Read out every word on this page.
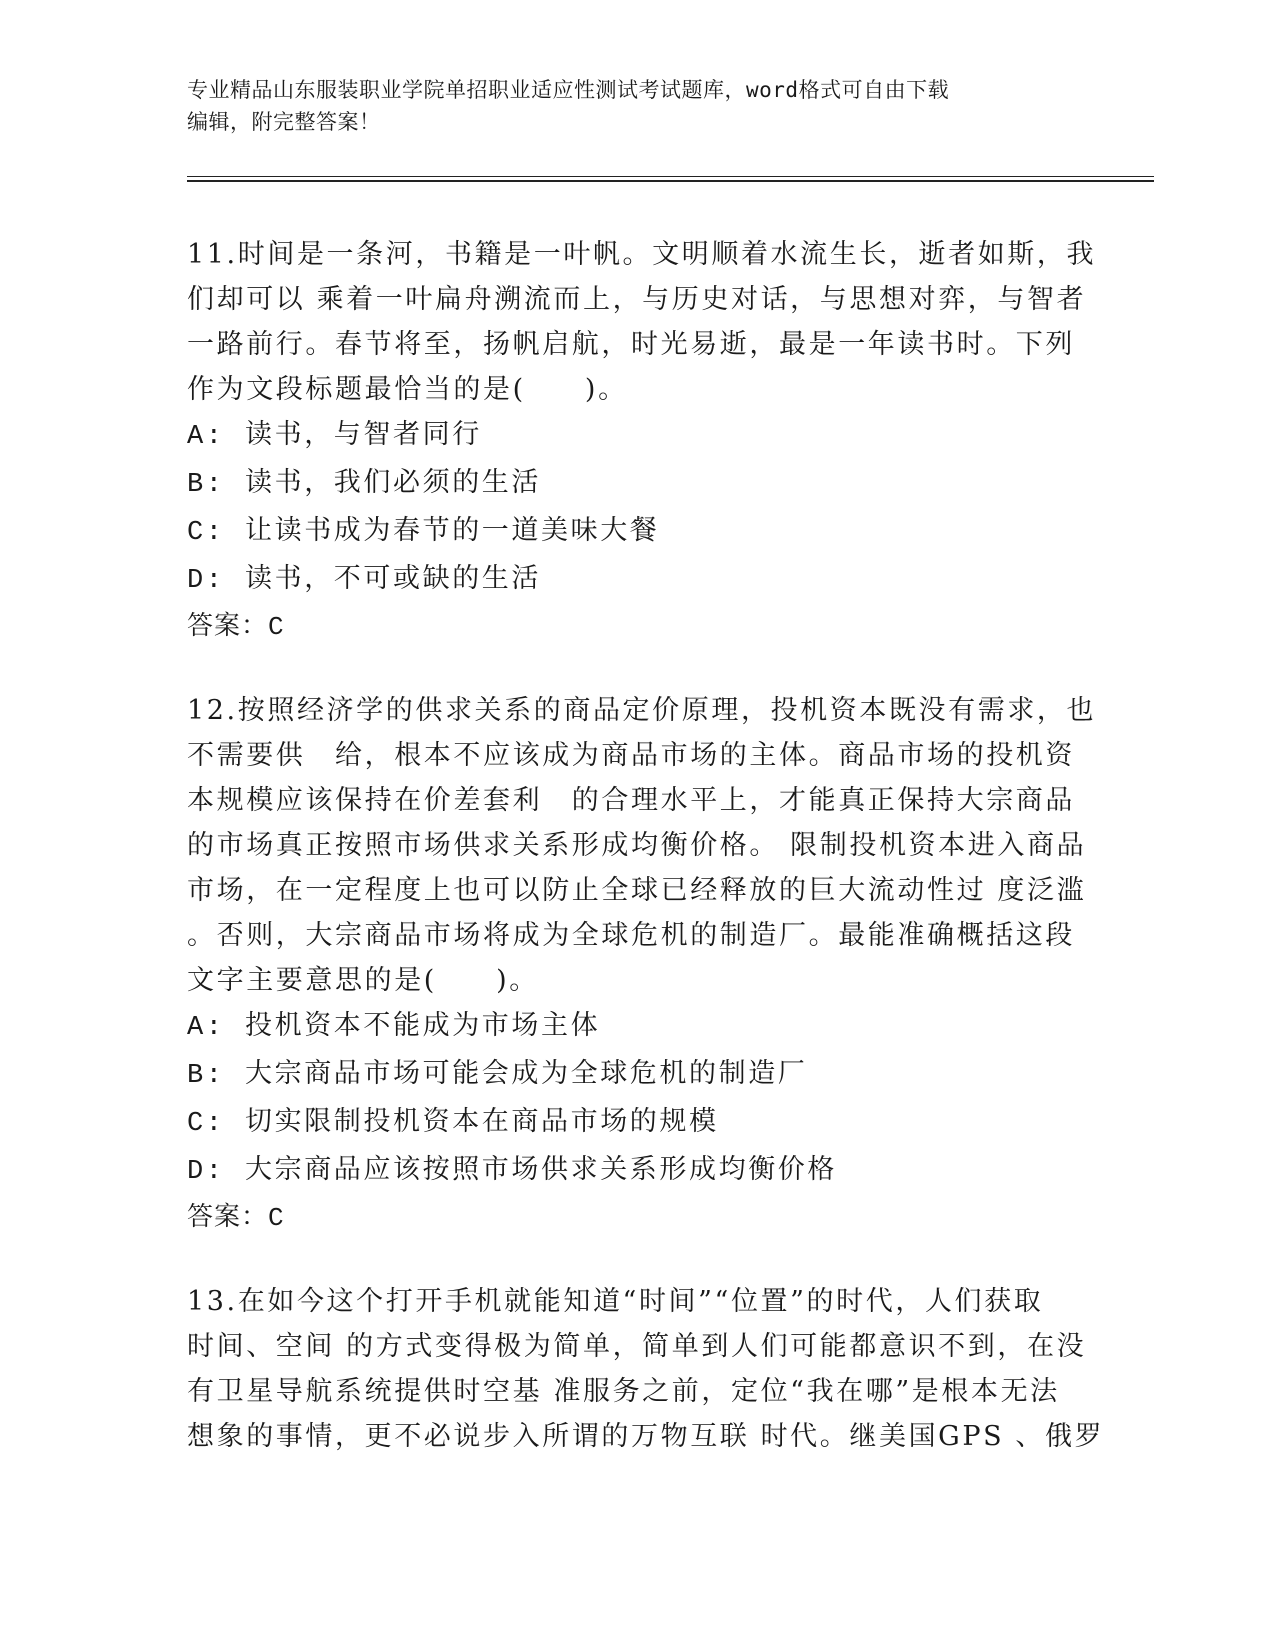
专业精品山东服装职业学院单招职业适应性测试考试题库，word格式可自由下载
编辑，附完整答案！
11.时间是一条河，书籍是一叶帆。文明顺着水流生长，逝者如斯，我
们却可以 乘着一叶扁舟溯流而上，与历史对话，与思想对弈，与智者
一路前行。春节将至，扬帆启航，时光易逝，最是一年读书时。下列
作为文段标题最恰当的是(　　)。
A: 读书，与智者同行
B: 读书，我们必须的生活
C: 让读书成为春节的一道美味大餐
D: 读书，不可或缺的生活
答案：C
12.按照经济学的供求关系的商品定价原理，投机资本既没有需求，也
不需要供　给，根本不应该成为商品市场的主体。商品市场的投机资
本规模应该保持在价差套利　的合理水平上，才能真正保持大宗商品
的市场真正按照市场供求关系形成均衡价格。 限制投机资本进入商品
市场，在一定程度上也可以防止全球已经释放的巨大流动性过 度泛滥
。否则，大宗商品市场将成为全球危机的制造厂。最能准确概括这段
文字主要意思的是(　　)。
A: 投机资本不能成为市场主体
B: 大宗商品市场可能会成为全球危机的制造厂
C: 切实限制投机资本在商品市场的规模
D: 大宗商品应该按照市场供求关系形成均衡价格
答案：C
13.在如今这个打开手机就能知道“时间”“位置”的时代，人们获取
时间、空间 的方式变得极为简单，简单到人们可能都意识不到，在没
有卫星导航系统提供时空基 准服务之前，定位“我在哪”是根本无法
想象的事情，更不必说步入所谓的万物互联 时代。继美国GPS 、俄罗
